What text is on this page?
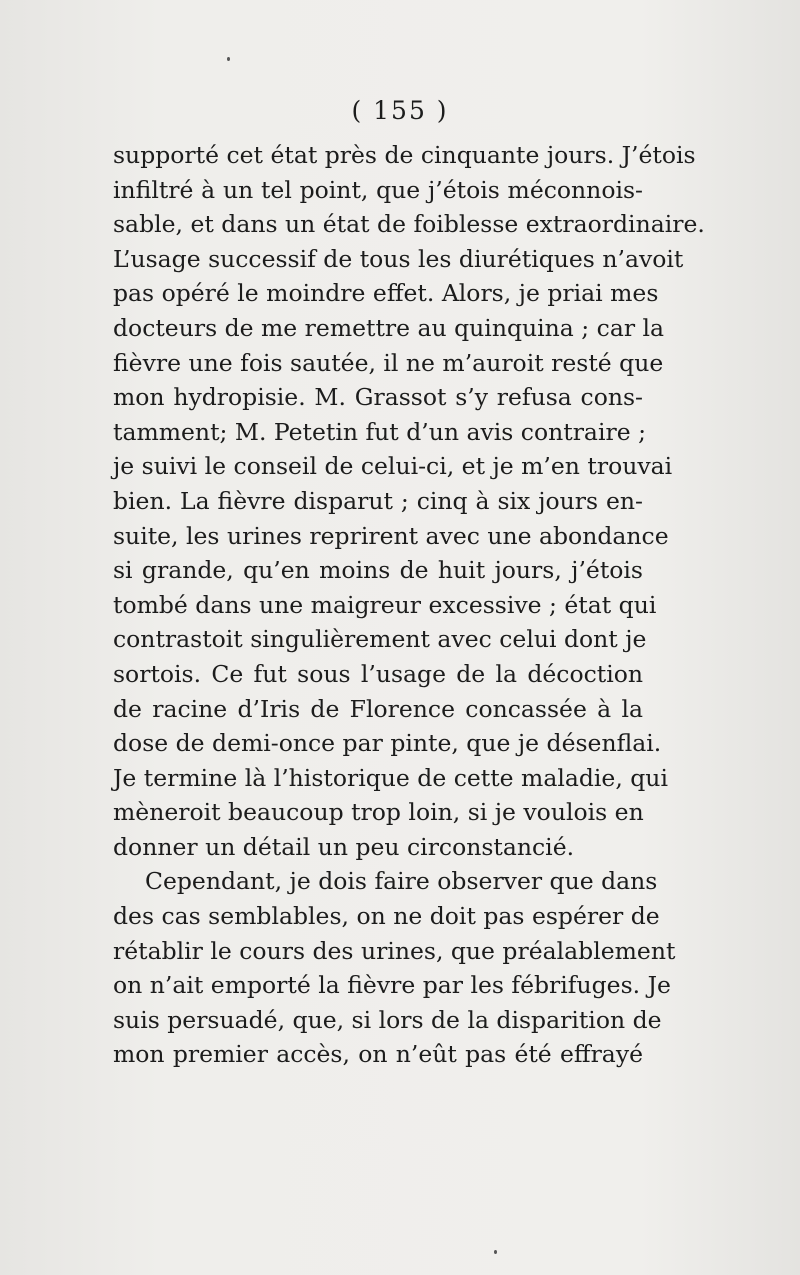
( 155 )
supporté cet état près de cinquante jours. J’étois
infiltré à un tel point, que j’étois méconnois-
sable, et dans un état de foiblesse extraordinaire.
L’usage successif de tous les diurétiques n’avoit
pas opéré le moindre effet. Alors, je priai mes
docteurs de me remettre au quinquina ; car la
fièvre une fois sautée, il ne m’auroit resté que
mon hydropisie. M. Grassot s’y refusa cons-
tamment; M. Petetin fut d’un avis contraire ;
je suivi le conseil de celui-ci, et je m’en trouvai
bien. La fièvre disparut ; cinq à six jours en-
suite, les urines reprirent avec une abondance
si grande, qu’en moins de huit jours, j’étois
tombé dans une maigreur excessive ; état qui
contrastoit singulièrement avec celui dont je
sortois. Ce fut sous l’usage de la décoction
de racine d’Iris de Florence concassée à la
dose de demi-once par pinte, que je désenflai.
Je termine là l’historique de cette maladie, qui
mèneroit beaucoup trop loin, si je voulois en
donner un détail un peu circonstancié.
Cependant, je dois faire observer que dans
des cas semblables, on ne doit pas espérer de
rétablir le cours des urines, que préalablement
on n’ait emporté la fièvre par les fébrifuges. Je
suis persuadé, que, si lors de la disparition de
mon premier accès, on n’eût pas été effrayé
